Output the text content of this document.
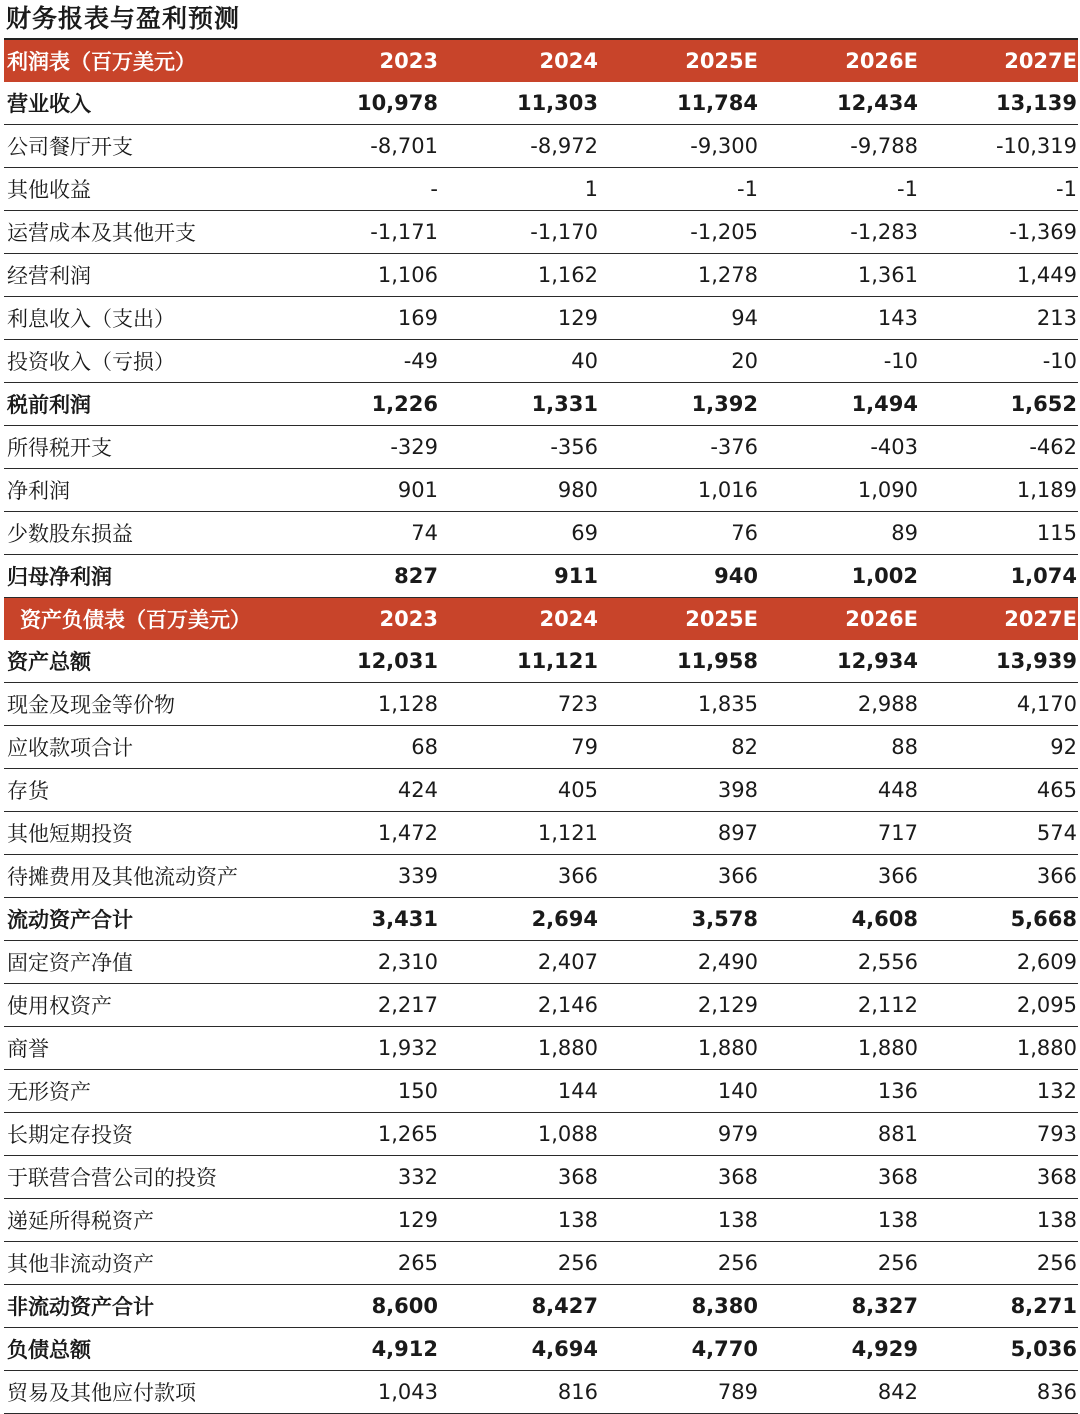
财务报表与盈利预测
利润表（百万美元）	2023	2024	2025E	2026E	2027E
营业收入	10,978	11,303	11,784	12,434	13,139
公司餐厅开支	-8,701	-8,972	-9,300	-9,788	-10,319
其他收益	-	1	-1	-1	-1
运营成本及其他开支	-1,171	-1,170	-1,205	-1,283	-1,369
经营利润	1,106	1,162	1,278	1,361	1,449
利息收入（支出）	169	129	94	143	213
投资收入（亏损）	-49	40	20	-10	-10
税前利润	1,226	1,331	1,392	1,494	1,652
所得税开支	-329	-356	-376	-403	-462
净利润	901	980	1,016	1,090	1,189
少数股东损益	74	69	76	89	115
归母净利润	827	911	940	1,002	1,074
资产负债表（百万美元）	2023	2024	2025E	2026E	2027E
资产总额	12,031	11,121	11,958	12,934	13,939
现金及现金等价物	1,128	723	1,835	2,988	4,170
应收款项合计	68	79	82	88	92
存货	424	405	398	448	465
其他短期投资	1,472	1,121	897	717	574
待摊费用及其他流动资产	339	366	366	366	366
流动资产合计	3,431	2,694	3,578	4,608	5,668
固定资产净值	2,310	2,407	2,490	2,556	2,609
使用权资产	2,217	2,146	2,129	2,112	2,095
商誉	1,932	1,880	1,880	1,880	1,880
无形资产	150	144	140	136	132
长期定存投资	1,265	1,088	979	881	793
于联营合营公司的投资	332	368	368	368	368
递延所得税资产	129	138	138	138	138
其他非流动资产	265	256	256	256	256
非流动资产合计	8,600	8,427	8,380	8,327	8,271
负债总额	4,912	4,694	4,770	4,929	5,036
贸易及其他应付款项	1,043	816	789	842	836
